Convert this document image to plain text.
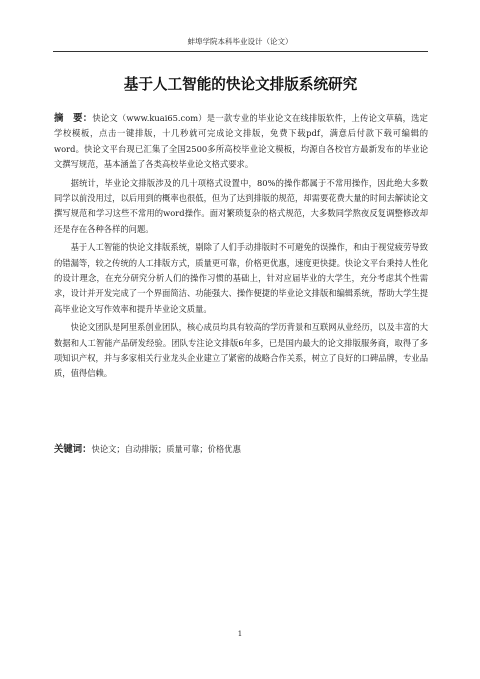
蚌埠学院本科毕业设计（论文）
基于人工智能的快论文排版系统研究

摘　要：快论文（www.kuai65.com）是一款专业的毕业论文在线排版软件，上传论文草稿，选定学校模板，点击一键排版，十几秒就可完成论文排版，免费下载pdf，满意后付款下载可编辑的word。快论文平台现已汇集了全国2500多所高校毕业论文模板，均源自各校官方最新发布的毕业论文撰写规范，基本涵盖了各类高校毕业论文格式要求。

据统计，毕业论文排版涉及的几十项格式设置中，80%的操作都属于不常用操作，因此绝大多数同学以前没用过，以后用到的概率也很低，但为了达到排版的规范，却需要花费大量的时间去解读论文撰写规范和学习这些不常用的word操作。面对繁琐复杂的格式规范，大多数同学熬夜反复调整修改却还是存在各种各样的问题。

基于人工智能的快论文排版系统，剔除了人们手动排版时不可避免的误操作，和由于视觉疲劳导致的错漏等，较之传统的人工排版方式，质量更可靠，价格更优惠，速度更快捷。快论文平台秉持人性化的设计理念，在充分研究分析人们的操作习惯的基础上，针对应届毕业的大学生，充分考虑其个性需求，设计并开发完成了一个界面简洁、功能强大、操作便捷的毕业论文排版和编辑系统，帮助大学生提高毕业论文写作效率和提升毕业论文质量。

快论文团队是阿里系创业团队，核心成员均具有较高的学历背景和互联网从业经历，以及丰富的大数据和人工智能产品研发经验。团队专注论文排版6年多，已是国内最大的论文排版服务商，取得了多项知识产权，并与多家相关行业龙头企业建立了紧密的战略合作关系，树立了良好的口碑品牌，专业品质，值得信赖。

关键词：快论文；自动排版；质量可靠；价格优惠
1
